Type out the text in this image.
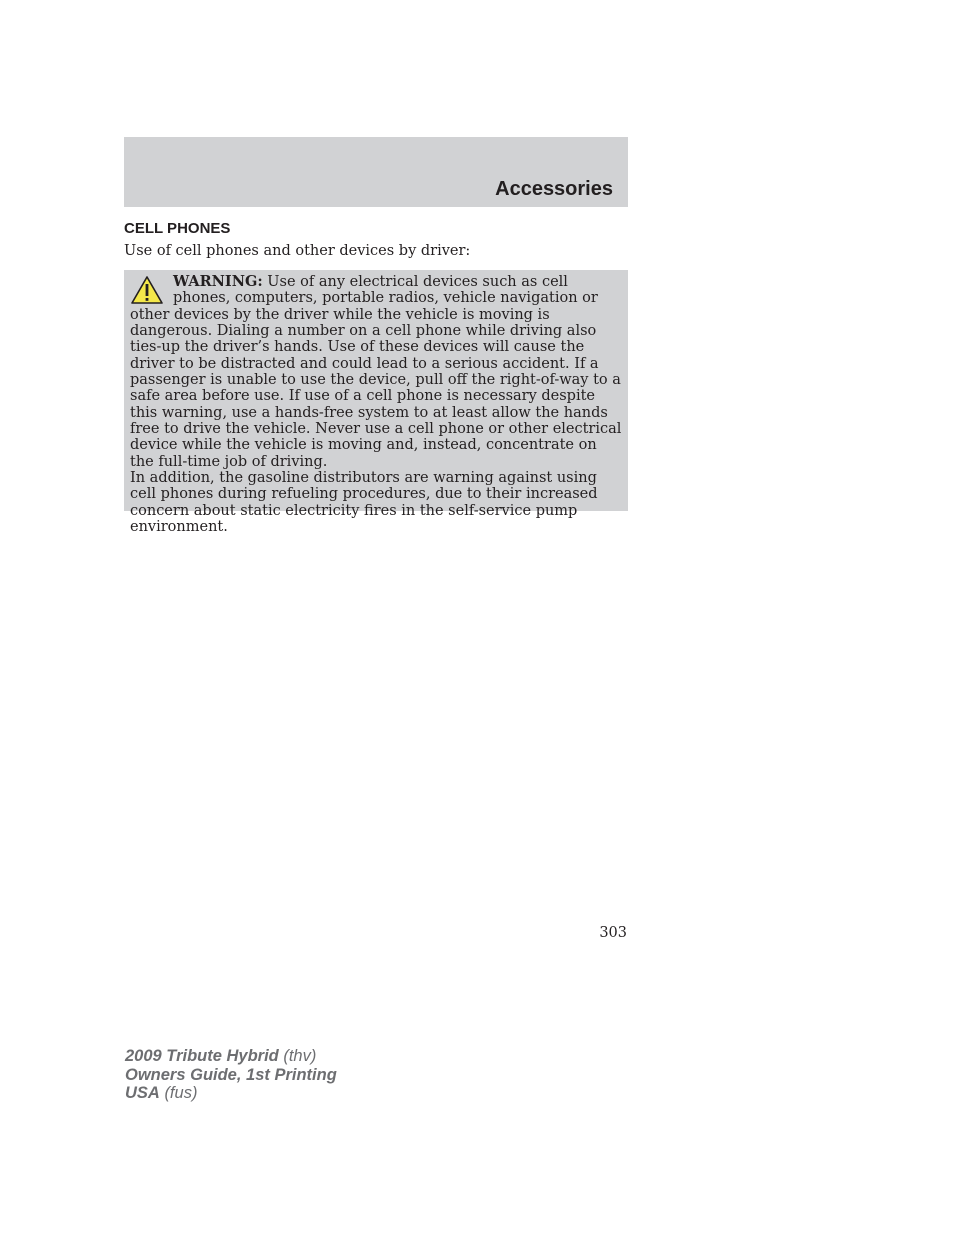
Accessories
CELL PHONES
Use of cell phones and other devices by driver:

WARNING: Use of any electrical devices such as cell phones, computers, portable radios, vehicle navigation or other devices by the driver while the vehicle is moving is dangerous. Dialing a number on a cell phone while driving also ties-up the driver’s hands. Use of these devices will cause the driver to be distracted and could lead to a serious accident. If a passenger is unable to use the device, pull off the right-of-way to a safe area before use. If use of a cell phone is necessary despite this warning, use a hands-free system to at least allow the hands free to drive the vehicle. Never use a cell phone or other electrical device while the vehicle is moving and, instead, concentrate on the full-time job of driving.

In addition, the gasoline distributors are warning against using cell phones during refueling procedures, due to their increased concern about static electricity fires in the self-service pump environment.

303
2009 Tribute Hybrid (thv)
Owners Guide, 1st Printing
USA (fus)
